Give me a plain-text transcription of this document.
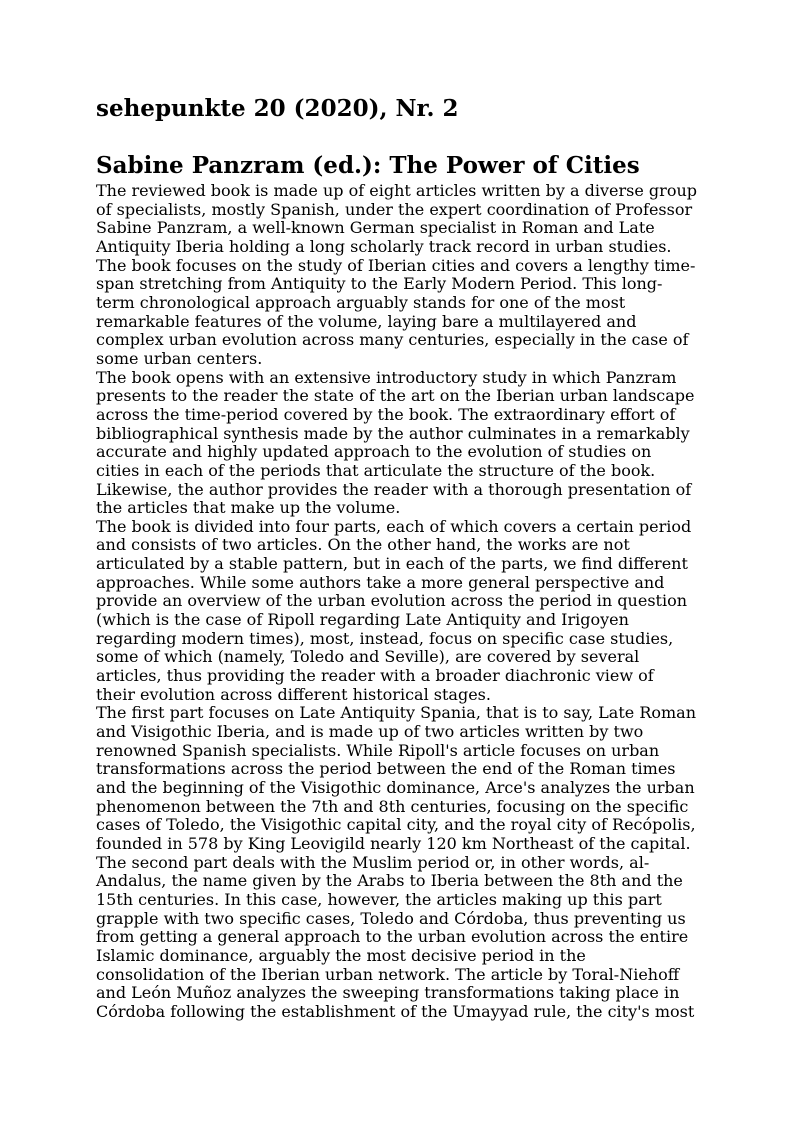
sehepunkte 20 (2020), Nr. 2
Sabine Panzram (ed.): The Power of Cities

The reviewed book is made up of eight articles written by a diverse group
of specialists, mostly Spanish, under the expert coordination of Professor
Sabine Panzram, a well-known German specialist in Roman and Late
Antiquity Iberia holding a long scholarly track record in urban studies.
The book focuses on the study of Iberian cities and covers a lengthy time-
span stretching from Antiquity to the Early Modern Period. This long-
term chronological approach arguably stands for one of the most
remarkable features of the volume, laying bare a multilayered and
complex urban evolution across many centuries, especially in the case of
some urban centers.

The book opens with an extensive introductory study in which Panzram
presents to the reader the state of the art on the Iberian urban landscape
across the time-period covered by the book. The extraordinary effort of
bibliographical synthesis made by the author culminates in a remarkably
accurate and highly updated approach to the evolution of studies on
cities in each of the periods that articulate the structure of the book.
Likewise, the author provides the reader with a thorough presentation of
the articles that make up the volume.

The book is divided into four parts, each of which covers a certain period
and consists of two articles. On the other hand, the works are not
articulated by a stable pattern, but in each of the parts, we find different
approaches. While some authors take a more general perspective and
provide an overview of the urban evolution across the period in question
(which is the case of Ripoll regarding Late Antiquity and Irigoyen
regarding modern times), most, instead, focus on specific case studies,
some of which (namely, Toledo and Seville), are covered by several
articles, thus providing the reader with a broader diachronic view of
their evolution across different historical stages.

The first part focuses on Late Antiquity Spania, that is to say, Late Roman
and Visigothic Iberia, and is made up of two articles written by two
renowned Spanish specialists. While Ripoll's article focuses on urban
transformations across the period between the end of the Roman times
and the beginning of the Visigothic dominance, Arce's analyzes the urban
phenomenon between the 7th and 8th centuries, focusing on the specific
cases of Toledo, the Visigothic capital city, and the royal city of Recópolis,
founded in 578 by King Leovigild nearly 120 km Northeast of the capital.
The second part deals with the Muslim period or, in other words, al-
Andalus, the name given by the Arabs to Iberia between the 8th and the
15th centuries. In this case, however, the articles making up this part
grapple with two specific cases, Toledo and Córdoba, thus preventing us
from getting a general approach to the urban evolution across the entire
Islamic dominance, arguably the most decisive period in the
consolidation of the Iberian urban network. The article by Toral-Niehoff
and León Muñoz analyzes the sweeping transformations taking place in
Córdoba following the establishment of the Umayyad rule, the city's most
